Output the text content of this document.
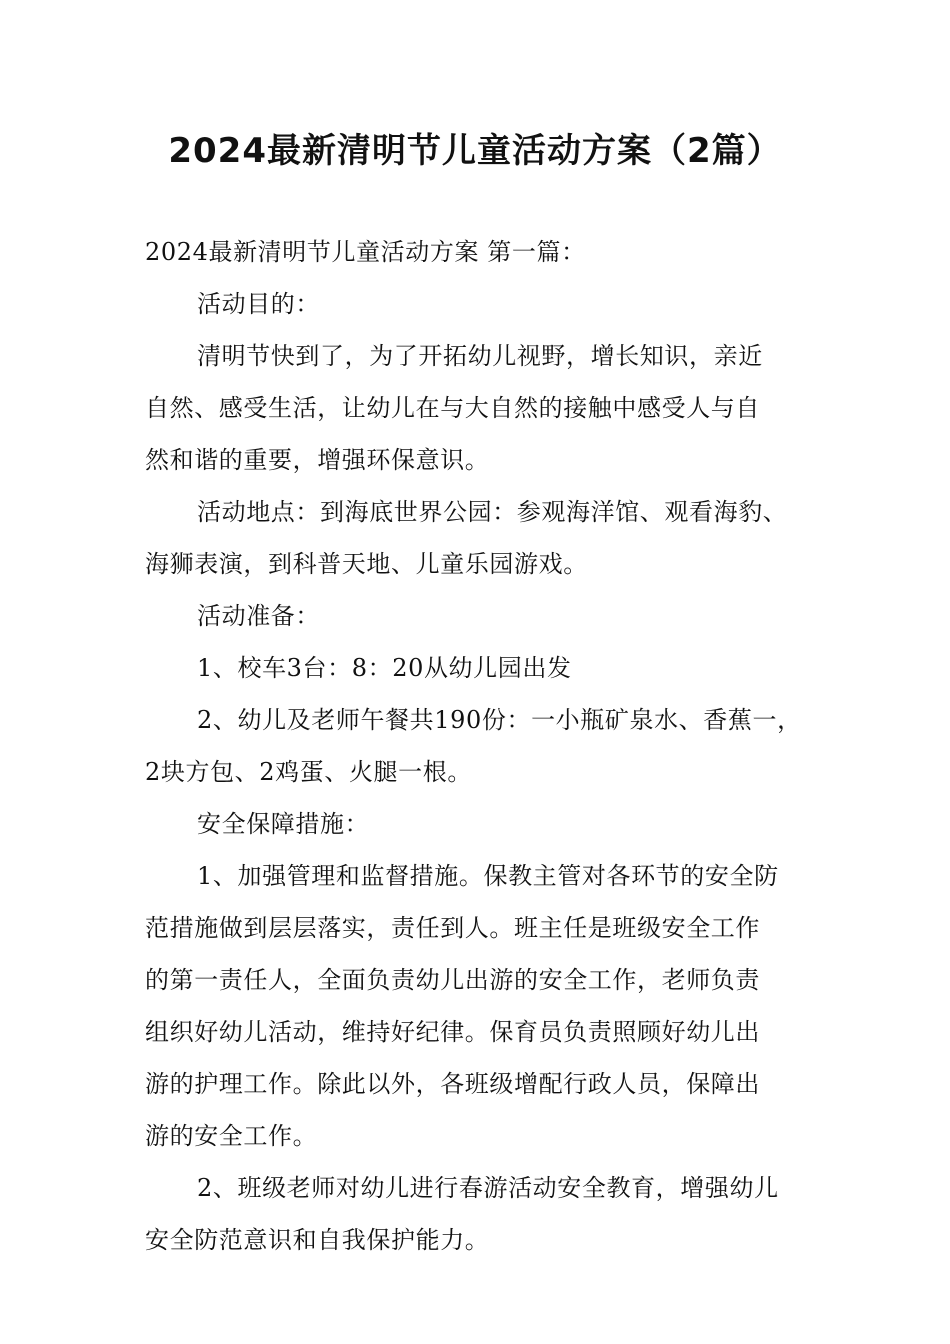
2024最新清明节儿童活动方案（2篇）
2024最新清明节儿童活动方案 第一篇：
活动目的：
清明节快到了，为了开拓幼儿视野，增长知识，亲近
自然、感受生活，让幼儿在与大自然的接触中感受人与自
然和谐的重要，增强环保意识。
活动地点：到海底世界公园：参观海洋馆、观看海豹、
海狮表演，到科普天地、儿童乐园游戏。
活动准备：
1、校车3台：8：20从幼儿园出发
2、幼儿及老师午餐共190份：一小瓶矿泉水、香蕉一，
2块方包、2鸡蛋、火腿一根。
安全保障措施：
1、加强管理和监督措施。保教主管对各环节的安全防
范措施做到层层落实，责任到人。班主任是班级安全工作
的第一责任人，全面负责幼儿出游的安全工作，老师负责
组织好幼儿活动，维持好纪律。保育员负责照顾好幼儿出
游的护理工作。除此以外，各班级增配行政人员，保障出
游的安全工作。
2、班级老师对幼儿进行春游活动安全教育，增强幼儿
安全防范意识和自我保护能力。
